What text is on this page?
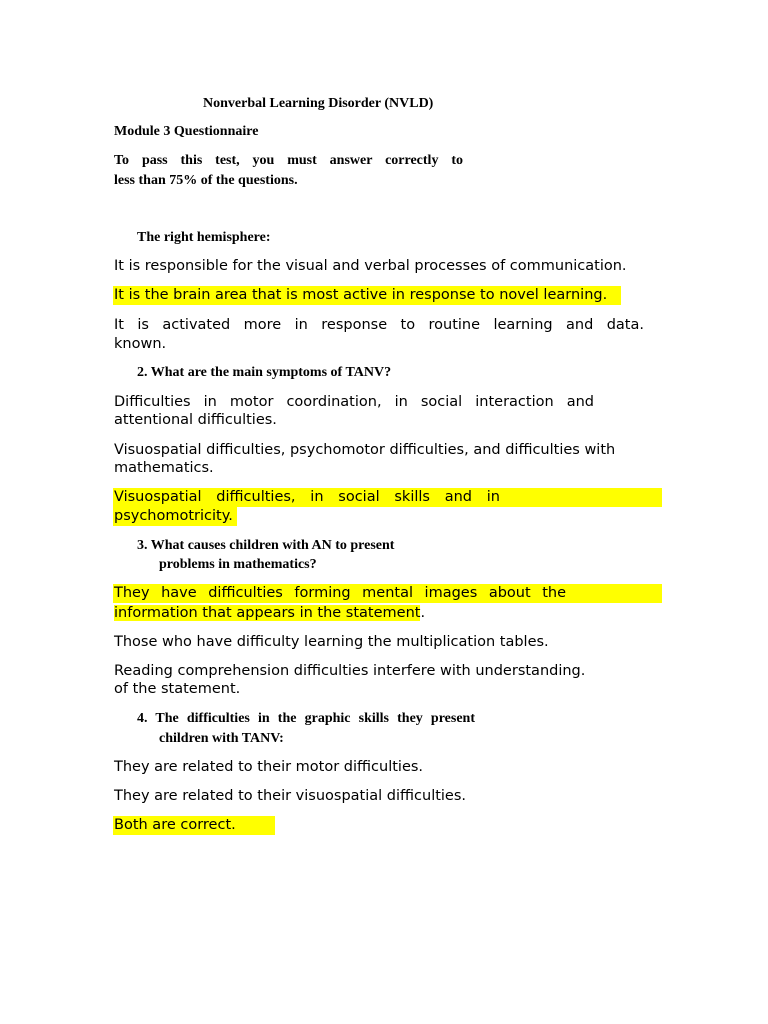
Nonverbal Learning Disorder (NVLD)
Module 3 Questionnaire
To pass this test, you must answer correctly to
less than 75% of the questions.
The right hemisphere:
It is responsible for the visual and verbal processes of communication.
It is the brain area that is most active in response to novel learning.
It is activated more in response to routine learning and data.
known.
2. What are the main symptoms of TANV?
Difficulties in motor coordination, in social interaction and
attentional difficulties.
Visuospatial difficulties, psychomotor difficulties, and difficulties with
mathematics.
Visuospatial difficulties, in social skills and in
psychomotricity.
3. What causes children with AN to present
problems in mathematics?
They have difficulties forming mental images about the
information that appears in the statement.
Those who have difficulty learning the multiplication tables.
Reading comprehension difficulties interfere with understanding.
of the statement.
4. The difficulties in the graphic skills they present
children with TANV:
They are related to their motor difficulties.
They are related to their visuospatial difficulties.
Both are correct.
